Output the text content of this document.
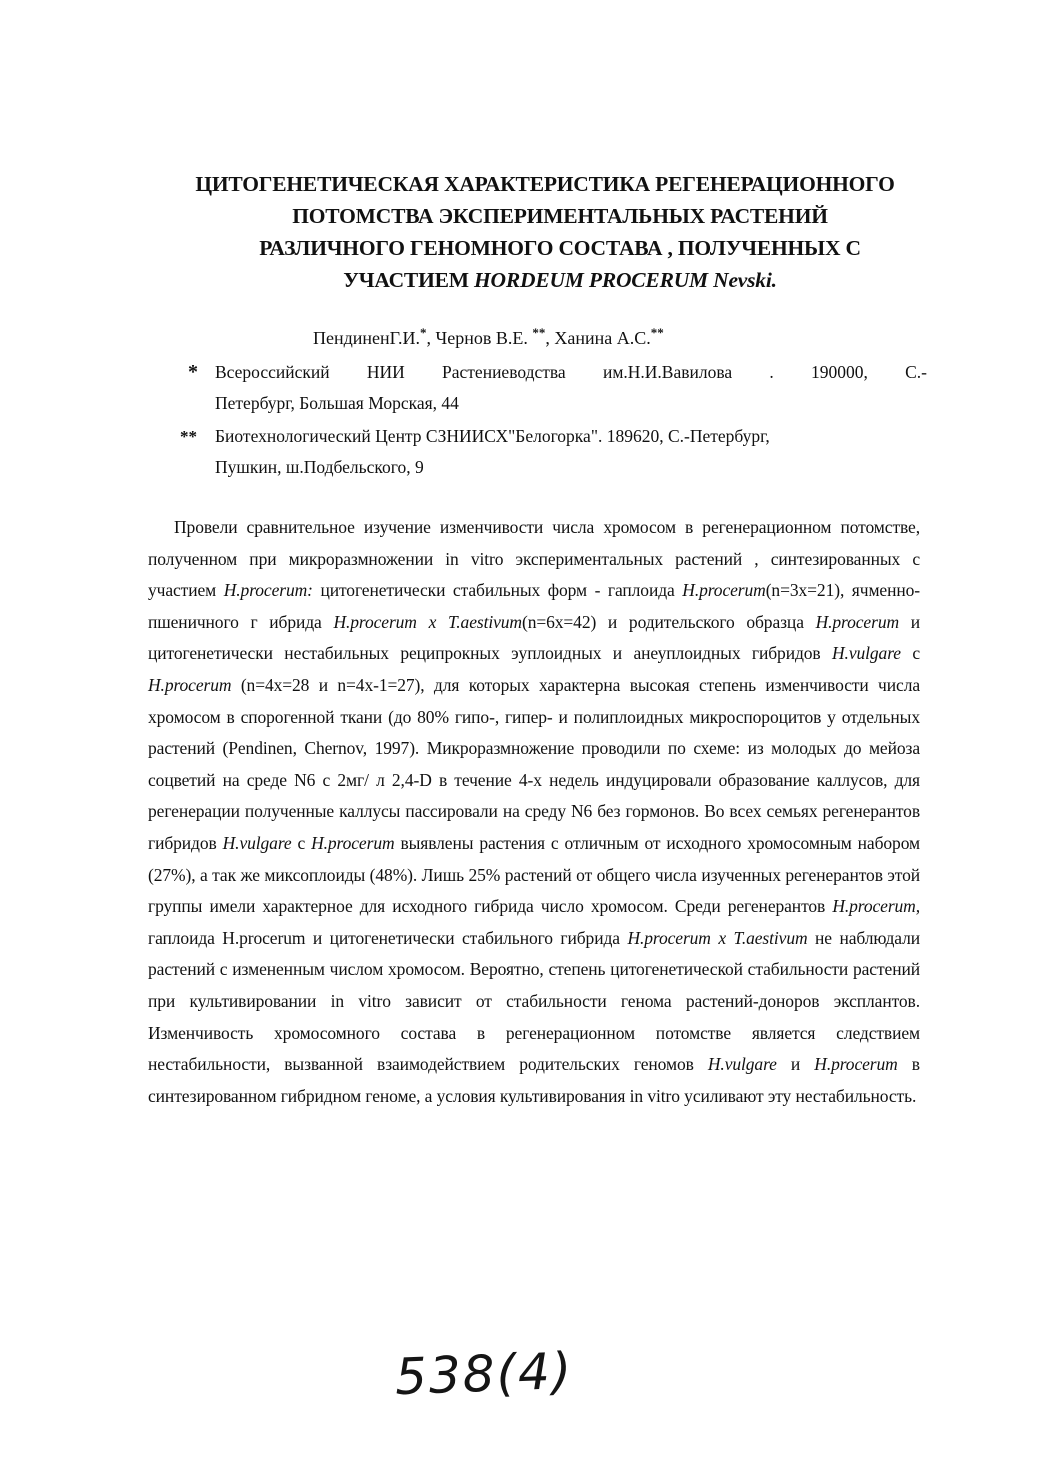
ЦИТОГЕНЕТИЧЕСКАЯ ХАРАКТЕРИСТИКА РЕГЕНЕРАЦИОННОГО
ПОТОМСТВА ЭКСПЕРИМЕНТАЛЬНЫХ РАСТЕНИЙ
РАЗЛИЧНОГО ГЕНОМНОГО СОСТАВА , ПОЛУЧЕННЫХ С
УЧАСТИЕМ HORDEUM PROCERUM Nevski.
ПендиненГ.И.*, Чернов В.Е. **, Ханина А.С.**
* Всероссийский НИИ Растениеводства им.Н.И.Вавилова . 190000, С.-
Петербург, Большая Морская, 44
** Биотехнологический Центр СЗНИИСХ"Белогорка". 189620, С.-Петербург,
Пушкин, ш.Подбельского, 9

Провели сравнительное изучение изменчивости числа хромосом в регенерационном потомстве, полученном при микроразмножении in vitro экспериментальных растений , синтезированных с участием H.procerum: цитогенетически стабильных форм - гаплоида H.procerum(n=3x=21), ячменно-пшеничного г ибрида H.procerum x T.aestivum(n=6x=42) и родительского образца H.procerum и цитогенетически нестабильных реципрокных эуплоидных и анеуплоидных гибридов H.vulgare с H.procerum (n=4x=28 и n=4x-1=27), для которых характерна высокая степень изменчивости числа хромосом в спорогенной ткани (до 80% гипо-, гипер- и полиплоидных микроспороцитов у отдельных растений (Pendinen, Chernov, 1997). Микроразмножение проводили по схеме: из молодых до мейоза соцветий на среде N6 с 2мг/ л 2,4-D в течение 4-х недель индуцировали образование каллусов, для регенерации полученные каллусы пассировали на среду N6 без гормонов. Во всех семьях регенерантов гибридов H.vulgare с H.procerum выявлены растения с отличным от исходного хромосомным набором (27%), а так же миксоплоиды (48%). Лишь 25% растений от общего числа изученных регенерантов этой группы имели характерное для исходного гибрида число хромосом. Среди регенерантов H.procerum, гаплоида H.procerum и цитогенетически стабильного гибрида H.procerum x T.aestivum не наблюдали растений с измененным числом хромосом. Вероятно, степень цитогенетической стабильности растений при культивировании in vitro зависит от стабильности генома растений-доноров эксплантов. Изменчивость хромосомного состава в регенерационном потомстве является следствием нестабильности, вызванной взаимодействием родительских геномов H.vulgare и H.procerum в синтезированном гибридном геноме, а условия культивирования in vitro усиливают эту нестабильность.

538(4)
